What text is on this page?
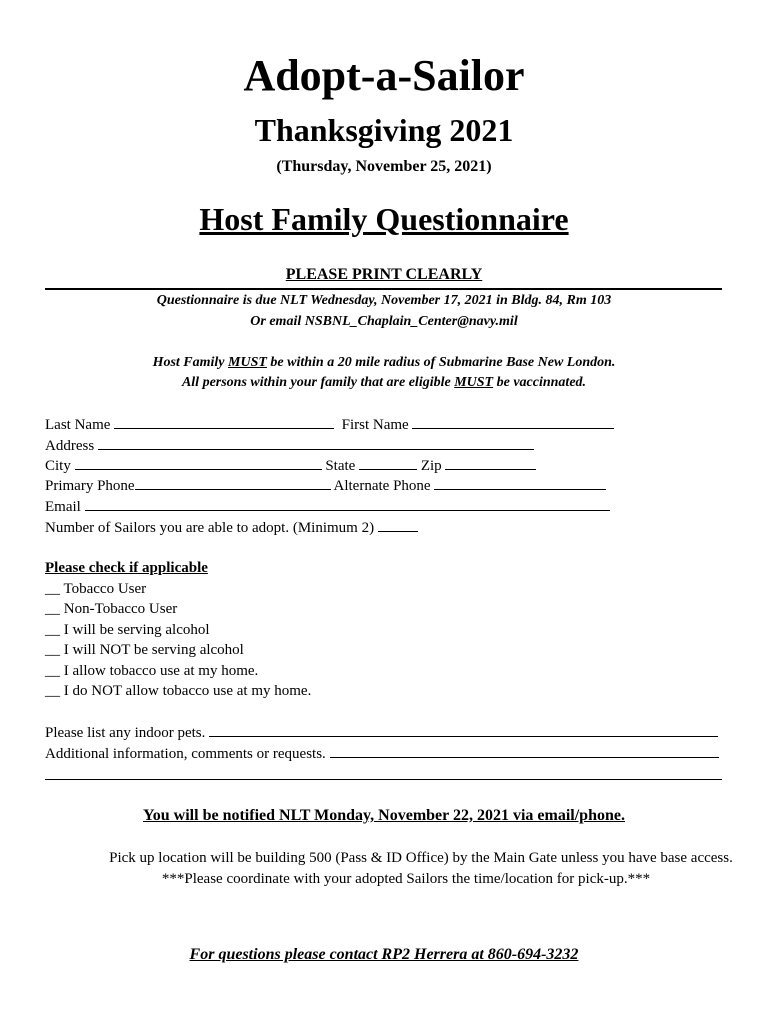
Adopt-a-Sailor
Thanksgiving 2021
(Thursday, November 25, 2021)
Host Family Questionnaire
PLEASE PRINT CLEARLY
Questionnaire is due NLT Wednesday, November 17, 2021 in Bldg. 84, Rm 103
Or email NSBNL_Chaplain_Center@navy.mil
Host Family MUST be within a 20 mile radius of Submarine Base New London.
All persons within your family that are eligible MUST be vaccinnated.
Last Name	First Name
Address
City	State	Zip
Primary Phone	Alternate Phone
Email
Number of Sailors you are able to adopt. (Minimum 2)
Please check if applicable
__ Tobacco User
__ Non-Tobacco User
__ I will be serving alcohol
__ I will NOT be serving alcohol
__ I allow tobacco use at my home.
__ I do NOT allow tobacco use at my home.
Please list any indoor pets.
Additional information, comments or requests.
You will be notified NLT Monday, November 22, 2021 via email/phone.
Pick up location will be building 500 (Pass & ID Office) by the Main Gate unless you have base access.
***Please coordinate with your adopted Sailors the time/location for pick-up.***
For questions please contact RP2 Herrera at 860-694-3232
